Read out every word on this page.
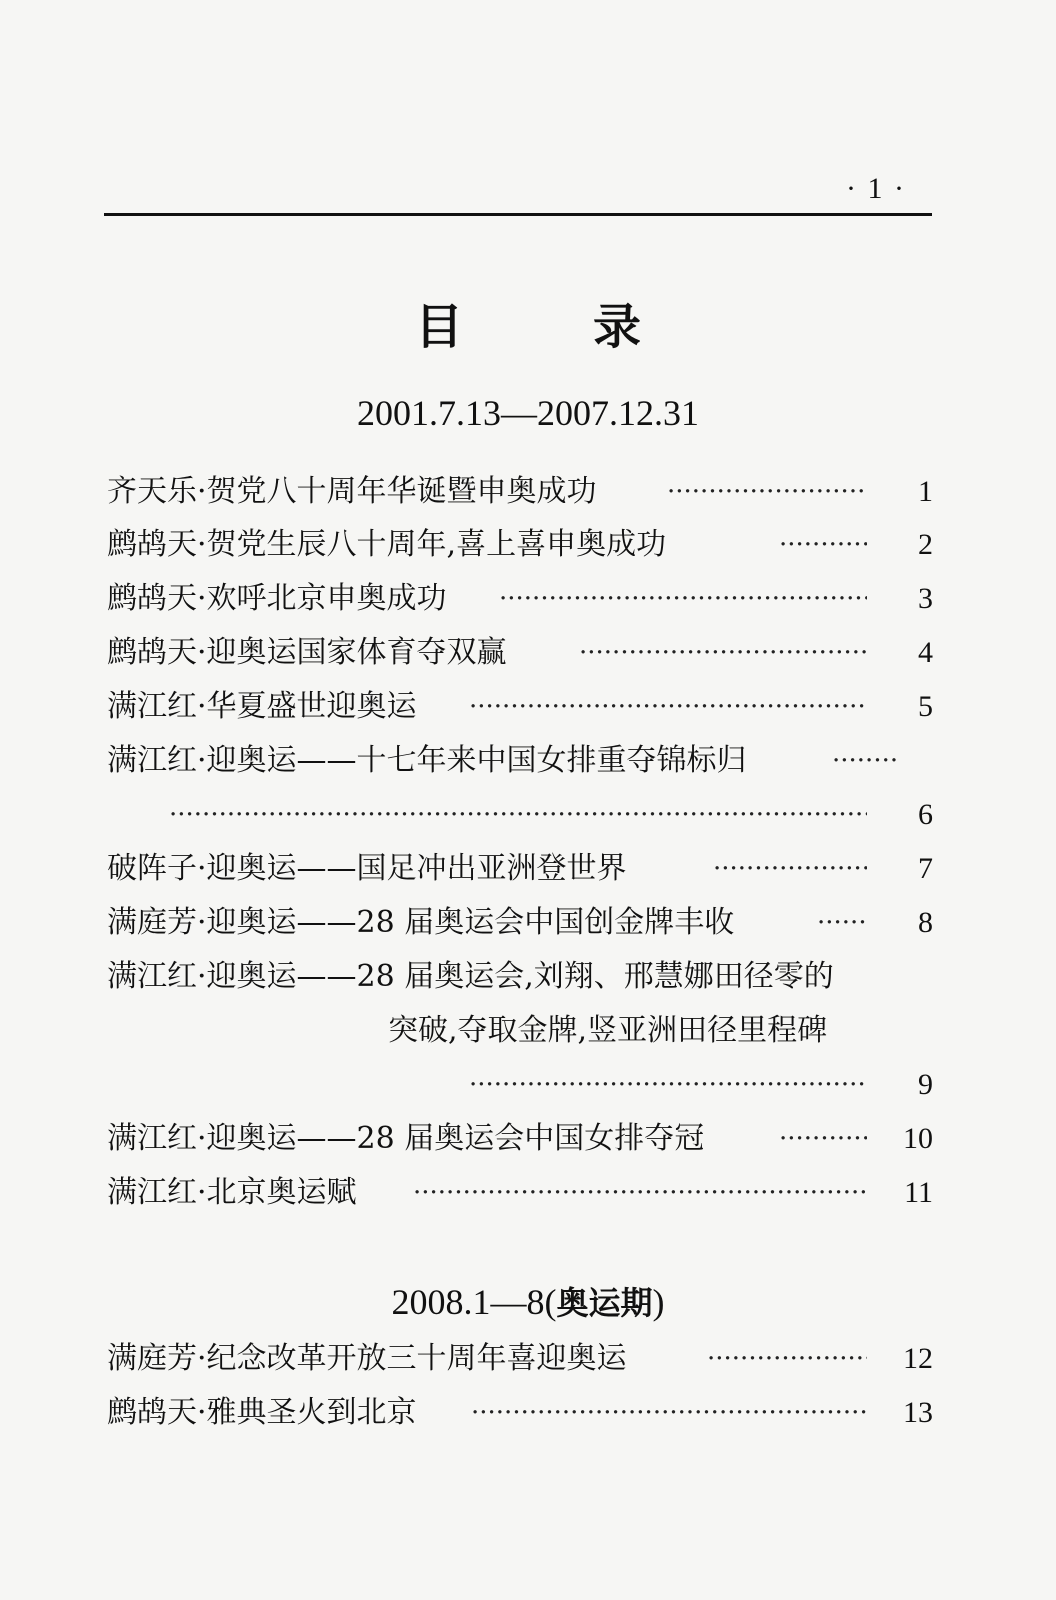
· 1 ·
目录
2001.7.13—2007.12.31
齐天乐·贺党八十周年华诞暨申奥成功 ·····	1
鹧鸪天·贺党生辰八十周年,喜上喜申奥成功 ·····	2
鹧鸪天·欢呼北京申奥成功 ·····	3
鹧鸪天·迎奥运国家体育夺双赢 ·····	4
满江红·华夏盛世迎奥运 ·····	5
满江红·迎奥运——十七年来中国女排重夺锦标归
·····
·····
6
破阵子·迎奥运——国足冲出亚洲登世界 ·····	7
满庭芳·迎奥运——28 届奥运会中国创金牌丰收 ·····	8
满江红·迎奥运——28 届奥运会,刘翔、邢慧娜田径零的
突破,夺取金牌,竖亚洲田径里程碑
·····
9
满江红·迎奥运——28 届奥运会中国女排夺冠 ·····	10
满江红·北京奥运赋 ·····	11
2008.1—8(奥运期)
满庭芳·纪念改革开放三十周年喜迎奥运 ·····	12
鹧鸪天·雅典圣火到北京 ·····	13
